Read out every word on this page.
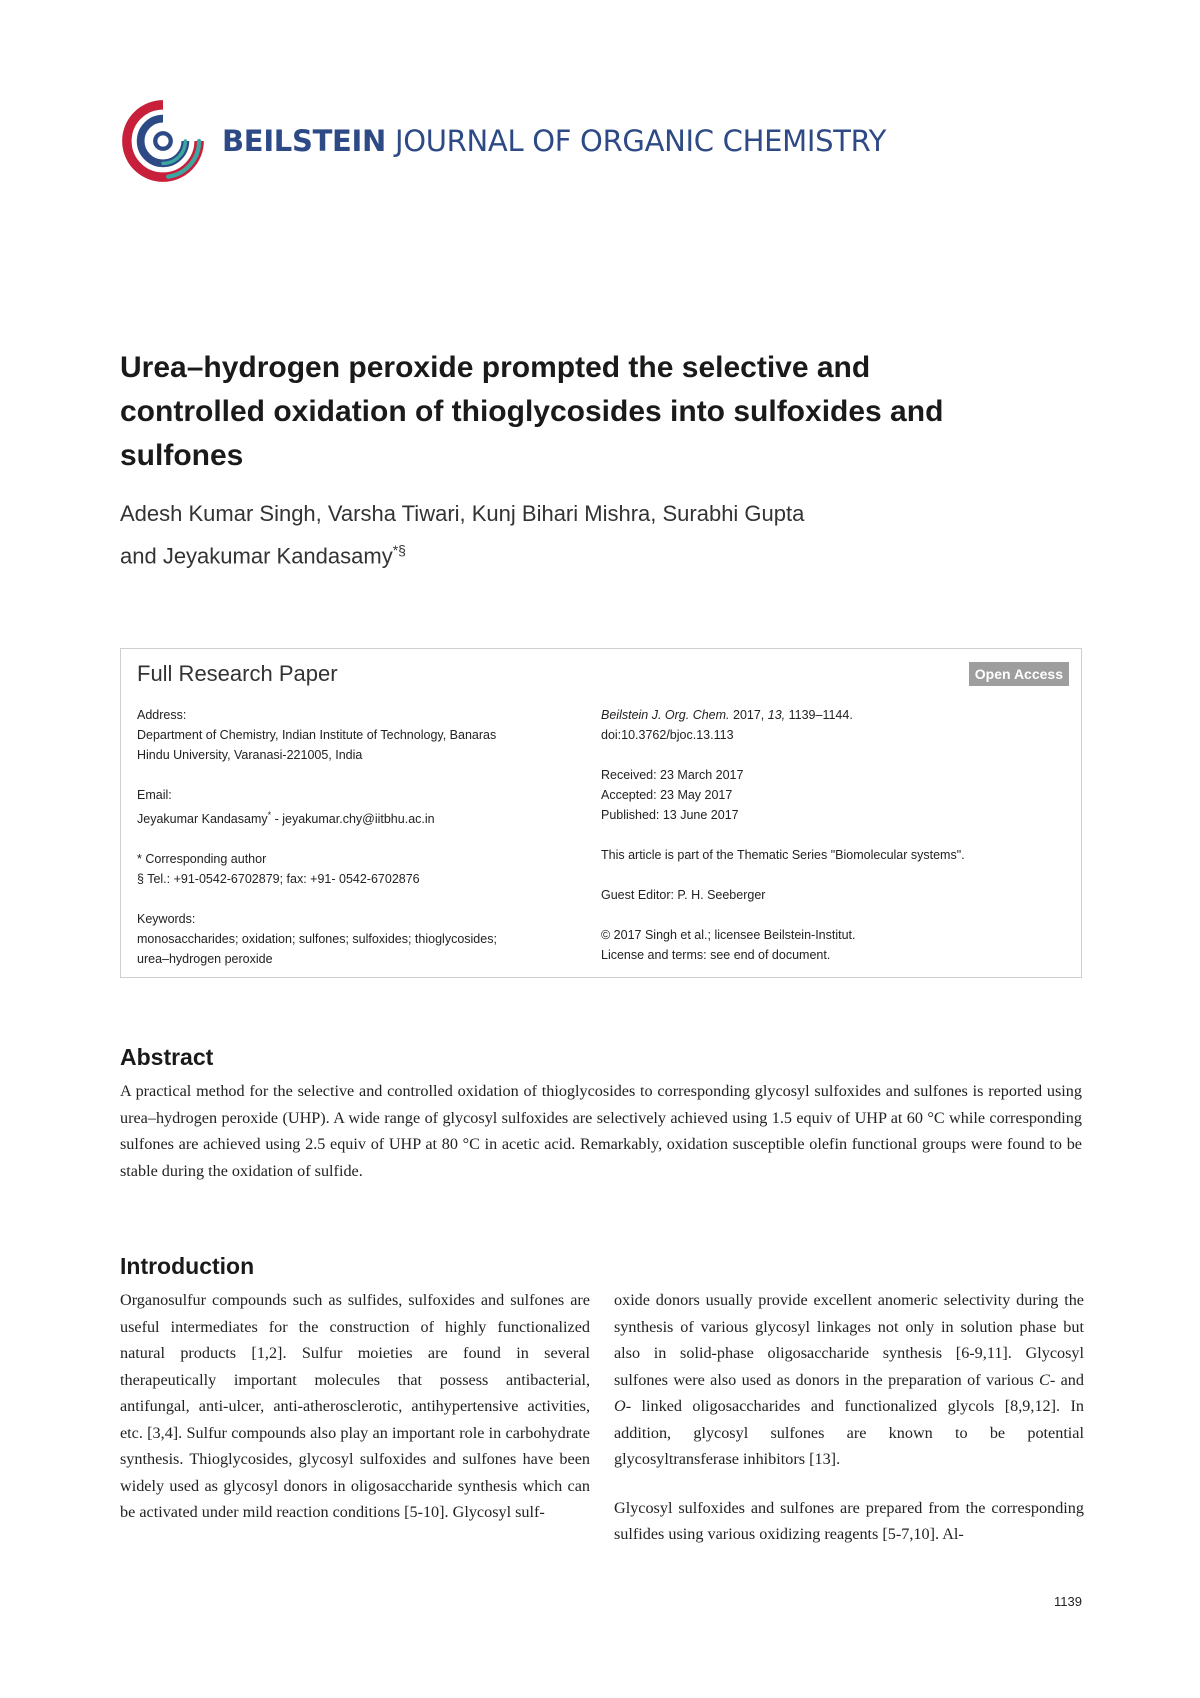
BEILSTEIN JOURNAL OF ORGANIC CHEMISTRY
Urea–hydrogen peroxide prompted the selective and controlled oxidation of thioglycosides into sulfoxides and sulfones
Adesh Kumar Singh, Varsha Tiwari, Kunj Bihari Mishra, Surabhi Gupta
and Jeyakumar Kandasamy*§
Full Research Paper	Open Access

Address:

Department of Chemistry, Indian Institute of Technology, Banaras

Hindu University, Varanasi-221005, India

Email:

Jeyakumar Kandasamy* - jeyakumar.chy@iitbhu.ac.in

* Corresponding author

§ Tel.: +91-0542-6702879; fax: +91- 0542-6702876

Keywords:

monosaccharides; oxidation; sulfones; sulfoxides; thioglycosides;

urea–hydrogen peroxide

Beilstein J. Org. Chem. 2017, 13, 1139–1144.

doi:10.3762/bjoc.13.113

Received: 23 March 2017

Accepted: 23 May 2017

Published: 13 June 2017

This article is part of the Thematic Series "Biomolecular systems".

Guest Editor: P. H. Seeberger

© 2017 Singh et al.; licensee Beilstein-Institut.

License and terms: see end of document.

Abstract

A practical method for the selective and controlled oxidation of thioglycosides to corresponding glycosyl sulfoxides and sulfones is reported using urea–hydrogen peroxide (UHP). A wide range of glycosyl sulfoxides are selectively achieved using 1.5 equiv of UHP at 60 °C while corresponding sulfones are achieved using 2.5 equiv of UHP at 80 °C in acetic acid. Remarkably, oxidation susceptible olefin functional groups were found to be stable during the oxidation of sulfide.

Introduction

Organosulfur compounds such as sulfides, sulfoxides and sulfones are useful intermediates for the construction of highly functionalized natural products [1,2]. Sulfur moieties are found in several therapeutically important molecules that possess antibacterial, antifungal, anti-ulcer, anti-atherosclerotic, antihypertensive activities, etc. [3,4]. Sulfur compounds also play an important role in carbohydrate synthesis. Thioglycosides, glycosyl sulfoxides and sulfones have been widely used as glycosyl donors in oligosaccharide synthesis which can be activated under mild reaction conditions [5-10]. Glycosyl sulf-

oxide donors usually provide excellent anomeric selectivity during the synthesis of various glycosyl linkages not only in solution phase but also in solid-phase oligosaccharide synthesis [6-9,11]. Glycosyl sulfones were also used as donors in the preparation of various C- and O- linked oligosaccharides and functionalized glycols [8,9,12]. In addition, glycosyl sulfones are known to be potential glycosyltransferase inhibitors [13].

Glycosyl sulfoxides and sulfones are prepared from the corresponding sulfides using various oxidizing reagents [5-7,10]. Al-

1139
